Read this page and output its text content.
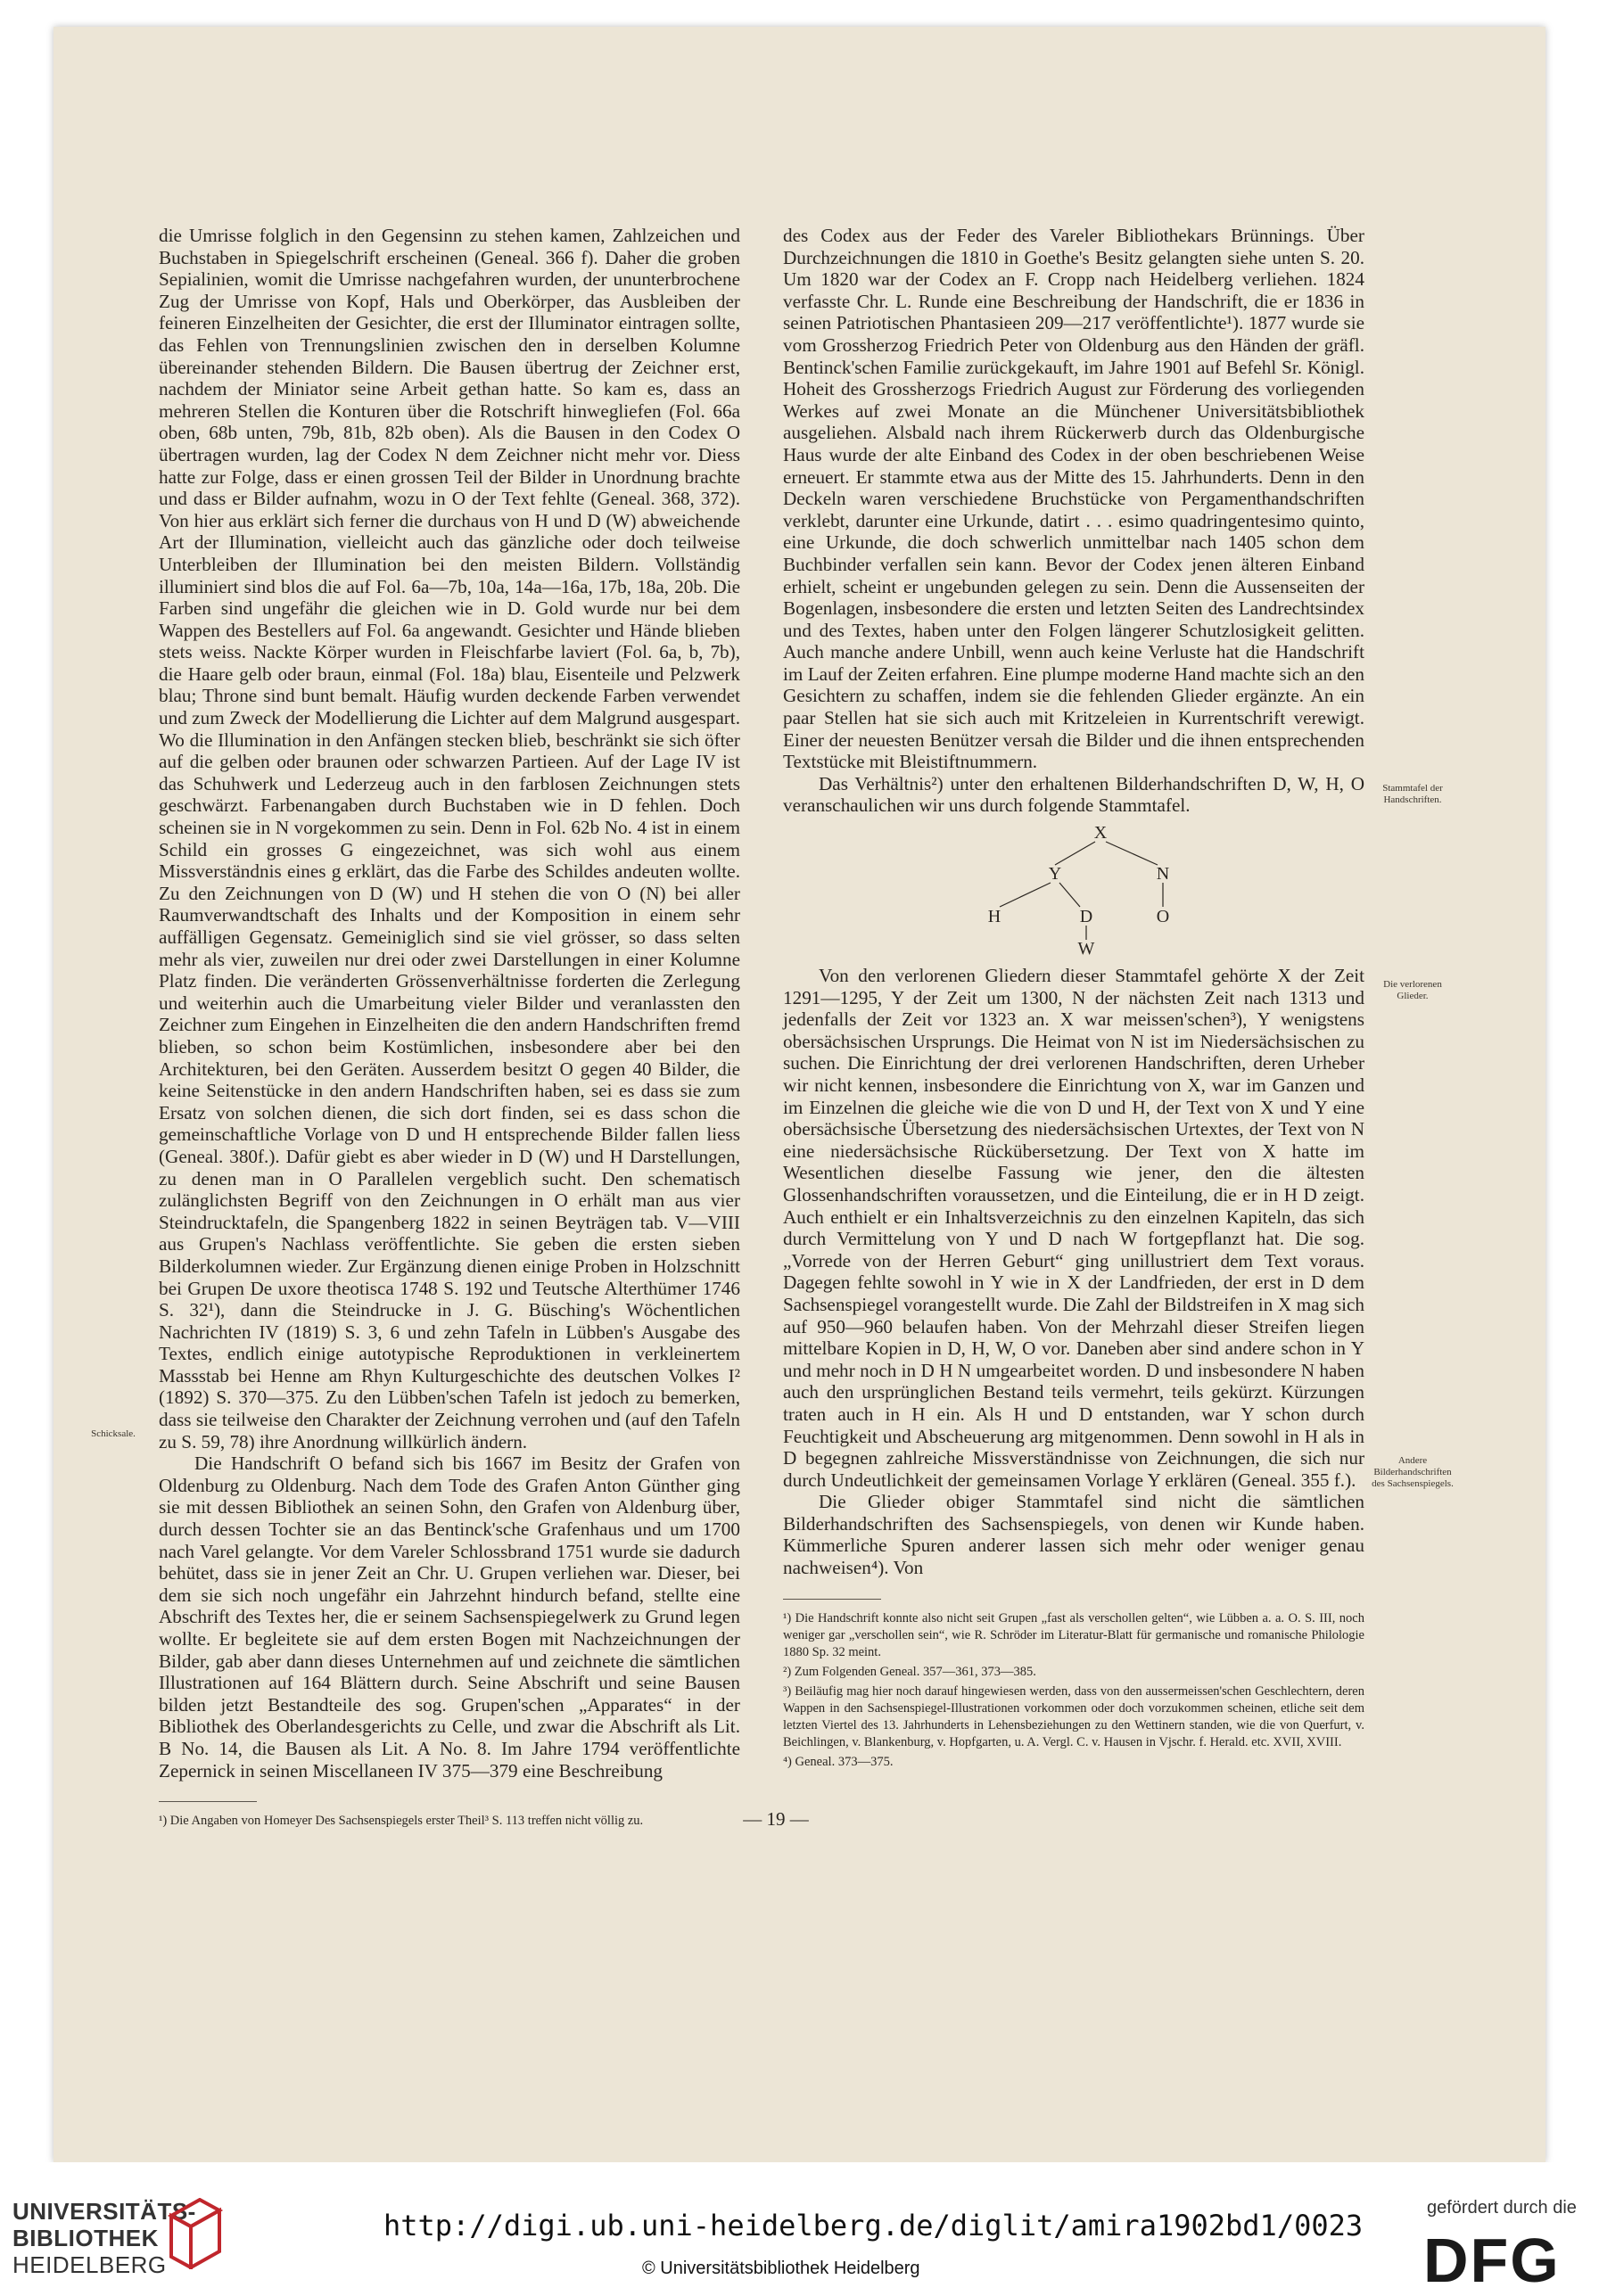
die Umrisse folglich in den Gegensinn zu stehen kamen, Zahlzeichen und Buchstaben in Spiegelschrift erscheinen (Geneal. 366 f). Daher die groben Sepialinien, womit die Umrisse nachgefahren wurden, der ununterbrochene Zug der Umrisse von Kopf, Hals und Oberkörper, das Ausbleiben der feineren Einzelheiten der Gesichter, die erst der Illuminator eintragen sollte, das Fehlen von Trennungslinien zwischen den in derselben Kolumne übereinander stehenden Bildern. Die Bausen übertrug der Zeichner erst, nachdem der Miniator seine Arbeit gethan hatte. So kam es, dass an mehreren Stellen die Konturen über die Rotschrift hinwegliefen (Fol. 66a oben, 68b unten, 79b, 81b, 82b oben). Als die Bausen in den Codex O übertragen wurden, lag der Codex N dem Zeichner nicht mehr vor. Diess hatte zur Folge, dass er einen grossen Teil der Bilder in Unordnung brachte und dass er Bilder aufnahm, wozu in O der Text fehlte (Geneal. 368, 372). Von hier aus erklärt sich ferner die durchaus von H und D (W) abweichende Art der Illumination, vielleicht auch das gänzliche oder doch teilweise Unterbleiben der Illumination bei den meisten Bildern. Vollständig illuminiert sind blos die auf Fol. 6a—7b, 10a, 14a—16a, 17b, 18a, 20b. Die Farben sind ungefähr die gleichen wie in D. Gold wurde nur bei dem Wappen des Bestellers auf Fol. 6a angewandt. Gesichter und Hände blieben stets weiss. Nackte Körper wurden in Fleischfarbe laviert (Fol. 6a, b, 7b), die Haare gelb oder braun, einmal (Fol. 18a) blau, Eisenteile und Pelzwerk blau; Throne sind bunt bemalt. Häufig wurden deckende Farben verwendet und zum Zweck der Modellierung die Lichter auf dem Malgrund ausgespart. Wo die Illumination in den Anfängen stecken blieb, beschränkt sie sich öfter auf die gelben oder braunen oder schwarzen Partieen. Auf der Lage IV ist das Schuhwerk und Lederzeug auch in den farblosen Zeichnungen stets geschwärzt. Farbenangaben durch Buchstaben wie in D fehlen. Doch scheinen sie in N vorgekommen zu sein. Denn in Fol. 62b No. 4 ist in einem Schild ein grosses G eingezeichnet, was sich wohl aus einem Missverständnis eines g erklärt, das die Farbe des Schildes andeuten wollte. Zu den Zeichnungen von D (W) und H stehen die von O (N) bei aller Raumverwandtschaft des Inhalts und der Komposition in einem sehr auffälligen Gegensatz. Gemeiniglich sind sie viel grösser, so dass selten mehr als vier, zuweilen nur drei oder zwei Darstellungen in einer Kolumne Platz finden. Die veränderten Grössenverhältnisse forderten die Zerlegung und weiterhin auch die Umarbeitung vieler Bilder und veranlassten den Zeichner zum Eingehen in Einzelheiten die den andern Handschriften fremd blieben, so schon beim Kostümlichen, insbesondere aber bei den Architekturen, bei den Geräten. Ausserdem besitzt O gegen 40 Bilder, die keine Seitenstücke in den andern Handschriften haben, sei es dass sie zum Ersatz von solchen dienen, die sich dort finden, sei es dass schon die gemeinschaftliche Vorlage von D und H entsprechende Bilder fallen liess (Geneal. 380f.). Dafür giebt es aber wieder in D (W) und H Darstellungen, zu denen man in O Parallelen vergeblich sucht. Den schematisch zulänglichsten Begriff von den Zeichnungen in O erhält man aus vier Steindrucktafeln, die Spangenberg 1822 in seinen Beyträgen tab. V—VIII aus Grupen's Nachlass veröffentlichte. Sie geben die ersten sieben Bilderkolumnen wieder. Zur Ergänzung dienen einige Proben in Holzschnitt bei Grupen De uxore theotisca 1748 S. 192 und Teutsche Alterthümer 1746 S. 32¹), dann die Steindrucke in J. G. Büsching's Wöchentlichen Nachrichten IV (1819) S. 3, 6 und zehn Tafeln in Lübben's Ausgabe des Textes, endlich einige autotypische Reproduktionen in verkleinertem Massstab bei Henne am Rhyn Kulturgeschichte des deutschen Volkes I² (1892) S. 370—375. Zu den Lübben'schen Tafeln ist jedoch zu bemerken, dass sie teilweise den Charakter der Zeichnung verrohen und (auf den Tafeln zu S. 59, 78) ihre Anordnung willkürlich ändern.

Die Handschrift O befand sich bis 1667 im Besitz der Grafen von Oldenburg zu Oldenburg. Nach dem Tode des Grafen Anton Günther ging sie mit dessen Bibliothek an seinen Sohn, den Grafen von Aldenburg über, durch dessen Tochter sie an das Bentinck'sche Grafenhaus und um 1700 nach Varel gelangte. Vor dem Vareler Schlossbrand 1751 wurde sie dadurch behütet, dass sie in jener Zeit an Chr. U. Grupen verliehen war. Dieser, bei dem sie sich noch ungefähr ein Jahrzehnt hindurch befand, stellte eine Abschrift des Textes her, die er seinem Sachsenspiegelwerk zu Grund legen wollte. Er begleitete sie auf dem ersten Bogen mit Nachzeichnungen der Bilder, gab aber dann dieses Unternehmen auf und zeichnete die sämtlichen Illustrationen auf 164 Blättern durch. Seine Abschrift und seine Bausen bilden jetzt Bestandteile des sog. Grupen'schen „Apparates“ in der Bibliothek des Oberlandesgerichts zu Celle, und zwar die Abschrift als Lit. B No. 14, die Bausen als Lit. A No. 8. Im Jahre 1794 veröffentlichte Zepernick in seinen Miscellaneen IV 375—379 eine Beschreibung

¹) Die Angaben von Homeyer Des Sachsenspiegels erster Theil³ S. 113 treffen nicht völlig zu.

des Codex aus der Feder des Vareler Bibliothekars Brünnings. Über Durchzeichnungen die 1810 in Goethe's Besitz gelangten siehe unten S. 20. Um 1820 war der Codex an F. Cropp nach Heidelberg verliehen. 1824 verfasste Chr. L. Runde eine Beschreibung der Handschrift, die er 1836 in seinen Patriotischen Phantasieen 209—217 veröffentlichte¹). 1877 wurde sie vom Grossherzog Friedrich Peter von Oldenburg aus den Händen der gräfl. Bentinck'schen Familie zurückgekauft, im Jahre 1901 auf Befehl Sr. Königl. Hoheit des Grossherzogs Friedrich August zur Förderung des vorliegenden Werkes auf zwei Monate an die Münchener Universitätsbibliothek ausgeliehen. Alsbald nach ihrem Rückerwerb durch das Oldenburgische Haus wurde der alte Einband des Codex in der oben beschriebenen Weise erneuert. Er stammte etwa aus der Mitte des 15. Jahrhunderts. Denn in den Deckeln waren verschiedene Bruchstücke von Pergamenthandschriften verklebt, darunter eine Urkunde, datirt . . . esimo quadringentesimo quinto, eine Urkunde, die doch schwerlich unmittelbar nach 1405 schon dem Buchbinder verfallen sein kann. Bevor der Codex jenen älteren Einband erhielt, scheint er ungebunden gelegen zu sein. Denn die Aussenseiten der Bogenlagen, insbesondere die ersten und letzten Seiten des Landrechtsindex und des Textes, haben unter den Folgen längerer Schutzlosigkeit gelitten. Auch manche andere Unbill, wenn auch keine Verluste hat die Handschrift im Lauf der Zeiten erfahren. Eine plumpe moderne Hand machte sich an den Gesichtern zu schaffen, indem sie die fehlenden Glieder ergänzte. An ein paar Stellen hat sie sich auch mit Kritzeleien in Kurrentschrift verewigt. Einer der neuesten Benützer versah die Bilder und die ihnen entsprechenden Textstücke mit Bleistiftnummern.

Das Verhältnis²) unter den erhaltenen Bilderhandschriften D, W, H, O veranschaulichen wir uns durch folgende Stammtafel.

X
Y	N
H	D	O
W

Von den verlorenen Gliedern dieser Stammtafel gehörte X der Zeit 1291—1295, Y der Zeit um 1300, N der nächsten Zeit nach 1313 und jedenfalls der Zeit vor 1323 an. X war meissen'schen³), Y wenigstens obersächsischen Ursprungs. Die Heimat von N ist im Niedersächsischen zu suchen. Die Einrichtung der drei verlorenen Handschriften, deren Urheber wir nicht kennen, insbesondere die Einrichtung von X, war im Ganzen und im Einzelnen die gleiche wie die von D und H, der Text von X und Y eine obersächsische Übersetzung des niedersächsischen Urtextes, der Text von N eine niedersächsische Rückübersetzung. Der Text von X hatte im Wesentlichen dieselbe Fassung wie jener, den die ältesten Glossenhandschriften voraussetzen, und die Einteilung, die er in H D zeigt. Auch enthielt er ein Inhaltsverzeichnis zu den einzelnen Kapiteln, das sich durch Vermittelung von Y und D nach W fortgepflanzt hat. Die sog. „Vorrede von der Herren Geburt“ ging unillustriert dem Text voraus. Dagegen fehlte sowohl in Y wie in X der Landfrieden, der erst in D dem Sachsenspiegel vorangestellt wurde. Die Zahl der Bildstreifen in X mag sich auf 950—960 belaufen haben. Von der Mehrzahl dieser Streifen liegen mittelbare Kopien in D, H, W, O vor. Daneben aber sind andere schon in Y und mehr noch in D H N umgearbeitet worden. D und insbesondere N haben auch den ursprünglichen Bestand teils vermehrt, teils gekürzt. Kürzungen traten auch in H ein. Als H und D entstanden, war Y schon durch Feuchtigkeit und Abscheuerung arg mitgenommen. Denn sowohl in H als in D begegnen zahlreiche Missverständnisse von Zeichnungen, die sich nur durch Undeutlichkeit der gemeinsamen Vorlage Y erklären (Geneal. 355 f.).

Die Glieder obiger Stammtafel sind nicht die sämtlichen Bilderhandschriften des Sachsenspiegels, von denen wir Kunde haben. Kümmerliche Spuren anderer lassen sich mehr oder weniger genau nachweisen⁴). Von

¹) Die Handschrift konnte also nicht seit Grupen „fast als verschollen gelten“, wie Lübben a. a. O. S. III, noch weniger gar „verschollen sein“, wie R. Schröder im Literatur-Blatt für germanische und romanische Philologie 1880 Sp. 32 meint.

²) Zum Folgenden Geneal. 357—361, 373—385.

³) Beiläufig mag hier noch darauf hingewiesen werden, dass von den aussermeissen'schen Geschlechtern, deren Wappen in den Sachsenspiegel-Illustrationen vorkommen oder doch vorzukommen scheinen, etliche seit dem letzten Viertel des 13. Jahrhunderts in Lehensbeziehungen zu den Wettinern standen, wie die von Querfurt, v. Beichlingen, v. Blankenburg, v. Hopfgarten, u. A. Vergl. C. v. Hausen in Vjschr. f. Herald. etc. XVII, XVIII.

⁴) Geneal. 373—375.

Schicksale.
Stammtafel der Handschriften.
Die verlorenen Glieder.
Andere Bilderhandschriften des Sachsenspiegels.
— 19 —
UNIVERSITÄTS-
BIBLIOTHEK
HEIDELBERG
http://digi.ub.uni-heidelberg.de/diglit/amira1902bd1/0023
© Universitätsbibliothek Heidelberg
gefördert durch die
DFG
